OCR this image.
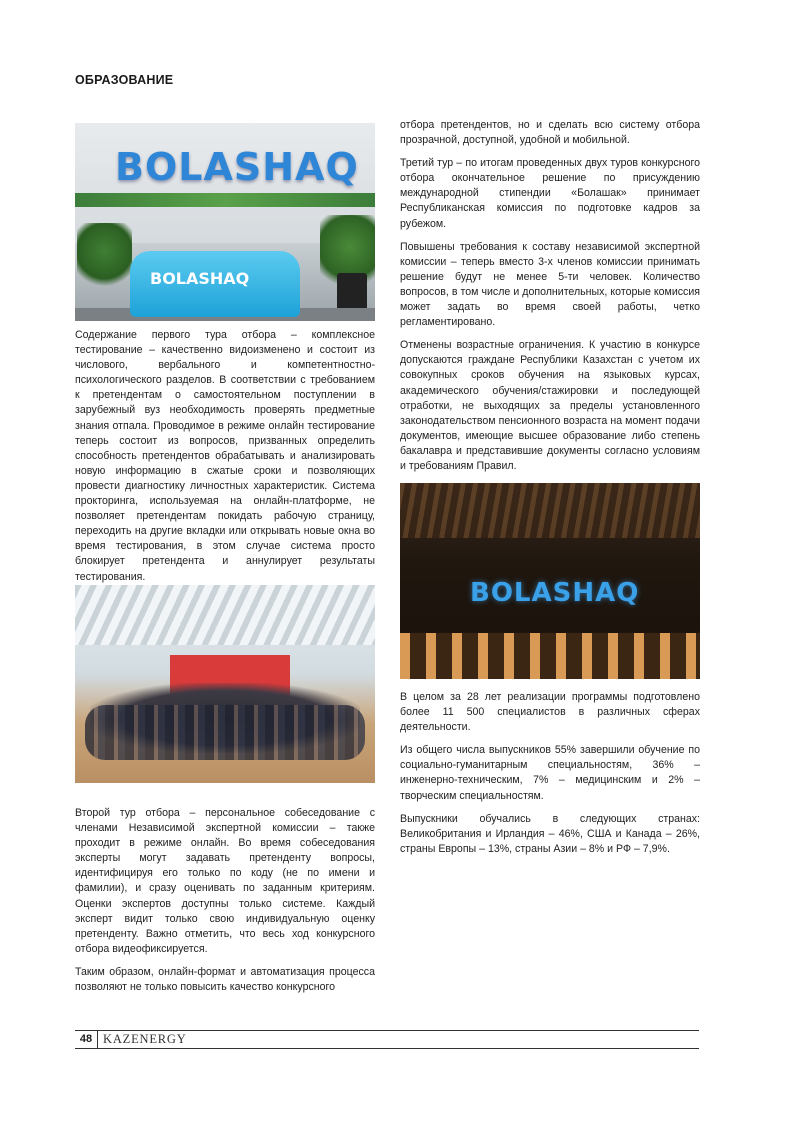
ОБРАЗОВАНИЕ
BOLASHAQ
BOLASHAQ

Содержание первого тура отбора – комплексное тестирование – качественно видоизменено и состоит из числового, вербального и компетентностно-психологического разделов. В соответствии с требованием к претендентам о самостоятельном поступлении в зарубежный вуз необходимость проверять предметные знания отпала. Проводимое в режиме онлайн тестирование теперь состоит из вопросов, призванных определить способность претендентов обрабатывать и анализировать новую информацию в сжатые сроки и позволяющих провести диагностику личностных характеристик. Система прокторинга, используемая на онлайн-платформе, не позволяет претендентам покидать рабочую страницу, переходить на другие вкладки или открывать новые окна во время тестирования, в этом случае система просто блокирует претендента и аннулирует результаты тестирования.

Второй тур отбора – персональное собеседование с членами Независимой экспертной комиссии – также проходит в режиме онлайн. Во время собеседования эксперты могут задавать претенденту вопросы, идентифицируя его только по коду (не по имени и фамилии), и сразу оценивать по заданным критериям. Оценки экспертов доступны только системе. Каждый эксперт видит только свою индивидуальную оценку претенденту. Важно отметить, что весь ход конкурсного отбора видеофиксируется.

Таким образом, онлайн-формат и автоматизация процесса позволяют не только повысить качество конкурсного

отбора претендентов, но и сделать всю систему отбора прозрачной, доступной, удобной и мобильной.

Третий тур – по итогам проведенных двух туров конкурсного отбора окончательное решение по присуждению международной стипендии «Болашак» принимает Республиканская комиссия по подготовке кадров за рубежом.

Повышены требования к составу независимой экспертной комиссии – теперь вместо 3-х членов комиссии принимать решение будут не менее 5-ти человек. Количество вопросов, в том числе и дополнительных, которые комиссия может задать во время своей работы, четко регламентировано.

Отменены возрастные ограничения. К участию в конкурсе допускаются граждане Республики Казахстан с учетом их совокупных сроков обучения на языковых курсах, академического обучения/стажировки и последующей отработки, не выходящих за пределы установленного законодательством пенсионного возраста на момент подачи документов, имеющие высшее образование либо степень бакалавра и представившие документы согласно условиям и требованиям Правил.

BOLASHAQ

В целом за 28 лет реализации программы подготовлено более 11 500 специалистов в различных сферах деятельности.

Из общего числа выпускников 55% завершили обучение по социально-гуманитарным специальностям, 36% – инженерно-техническим, 7% – медицинским и 2% – творческим специальностям.

Выпускники обучались в следующих странах: Великобритания и Ирландия – 46%, США и Канада – 26%, страны Европы – 13%, страны Азии – 8% и РФ – 7,9%.

48 KAZENERGY
